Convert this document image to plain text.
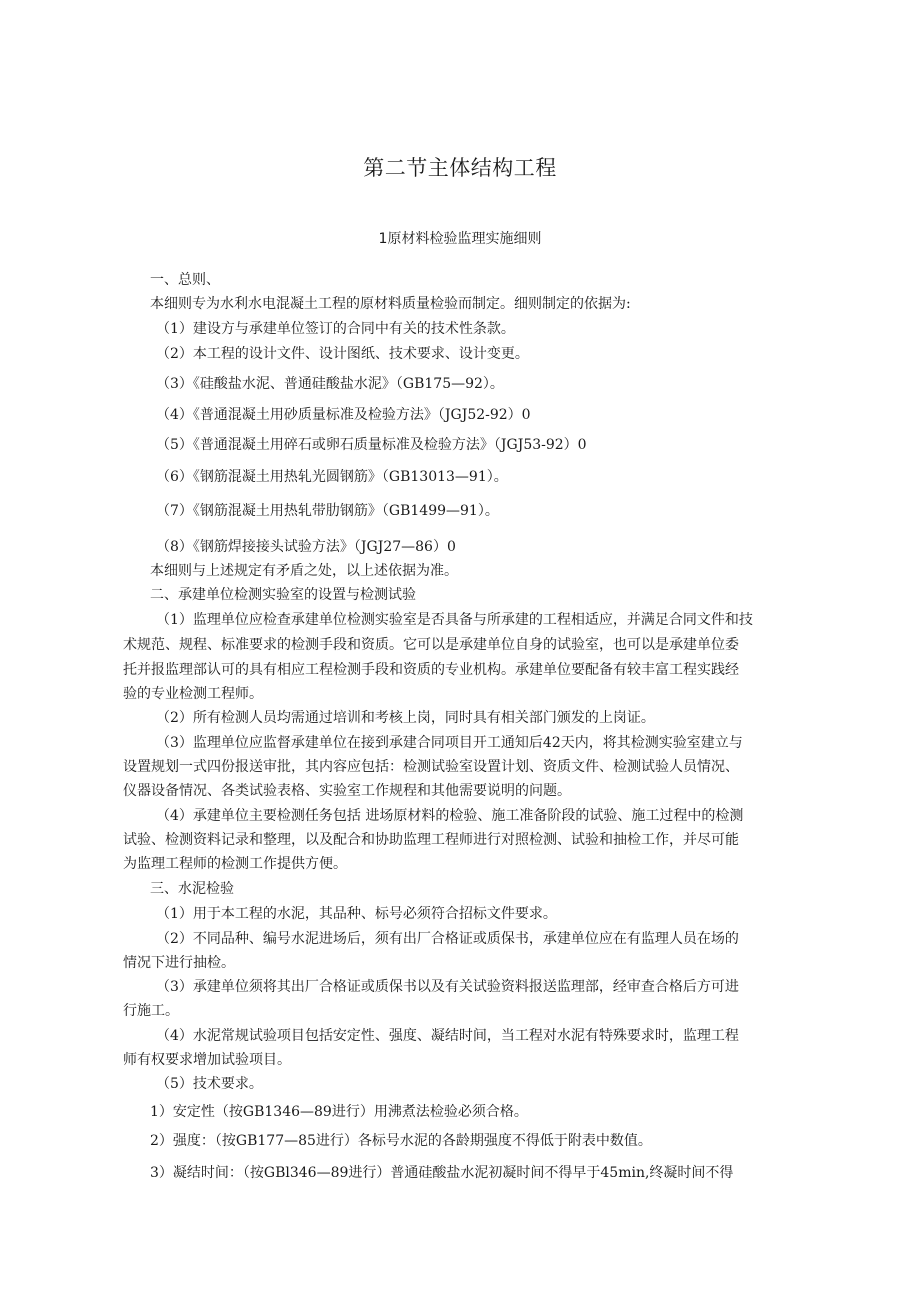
第二节主体结构工程
1原材料检验监理实施细则
一、总则、
本细则专为水利水电混凝土工程的原材料质量检验而制定。细则制定的依据为:
（1）建设方与承建单位签订的合同中有关的技术性条款。
（2）本工程的设计文件、设计图纸、技术要求、设计变更。
（3）《硅酸盐水泥、普通硅酸盐水泥》（GB175—92）。
（4）《普通混凝土用砂质量标准及检验方法》（JGJ52-92）0
（5）《普通混凝土用碎石或卵石质量标准及检验方法》（JGJ53-92）0
（6）《钢筋混凝土用热轧光圆钢筋》（GB13013—91）。
（7）《钢筋混凝土用热轧带肋钢筋》（GB1499—91）。
（8）《钢筋焊接接头试验方法》（JGJ27—86）0
本细则与上述规定有矛盾之处，以上述依据为准。
二、承建单位检测实验室的设置与检测试验
（1）监理单位应检查承建单位检测实验室是否具备与所承建的工程相适应，并满足合同文件和技
术规范、规程、标准要求的检测手段和资质。它可以是承建单位自身的试验室，也可以是承建单位委
托并报监理部认可的具有相应工程检测手段和资质的专业机构。承建单位要配备有较丰富工程实践经
验的专业检测工程师。
（2）所有检测人员均需通过培训和考核上岗，同时具有相关部门颁发的上岗证。
（3）监理单位应监督承建单位在接到承建合同项目开工通知后42天内，将其检测实验室建立与
设置规划一式四份报送审批，其内容应包括：检测试验室设置计划、资质文件、检测试验人员情况、
仪器设备情况、各类试验表格、实验室工作规程和其他需要说明的问题。
（4）承建单位主要检测任务包括 进场原材料的检验、施工准备阶段的试验、施工过程中的检测
试验、检测资料记录和整理，以及配合和协助监理工程师进行对照检测、试验和抽检工作，并尽可能
为监理工程师的检测工作提供方便。
三、水泥检验
（1）用于本工程的水泥，其品种、标号必须符合招标文件要求。
（2）不同品种、编号水泥进场后，须有出厂合格证或质保书，承建单位应在有监理人员在场的
情况下进行抽检。
（3）承建单位须将其出厂合格证或质保书以及有关试验资料报送监理部，经审查合格后方可进
行施工。
（4）水泥常规试验项目包括安定性、强度、凝结时间，当工程对水泥有特殊要求时，监理工程
师有权要求增加试验项目。
（5）技术要求。
1）安定性（按GB1346—89进行）用沸煮法检验必须合格。
2）强度：（按GB177—85进行）各标号水泥的各龄期强度不得低于附表中数值。
3）凝结时间：（按GBl346—89进行）普通硅酸盐水泥初凝时间不得早于45min,终凝时间不得
